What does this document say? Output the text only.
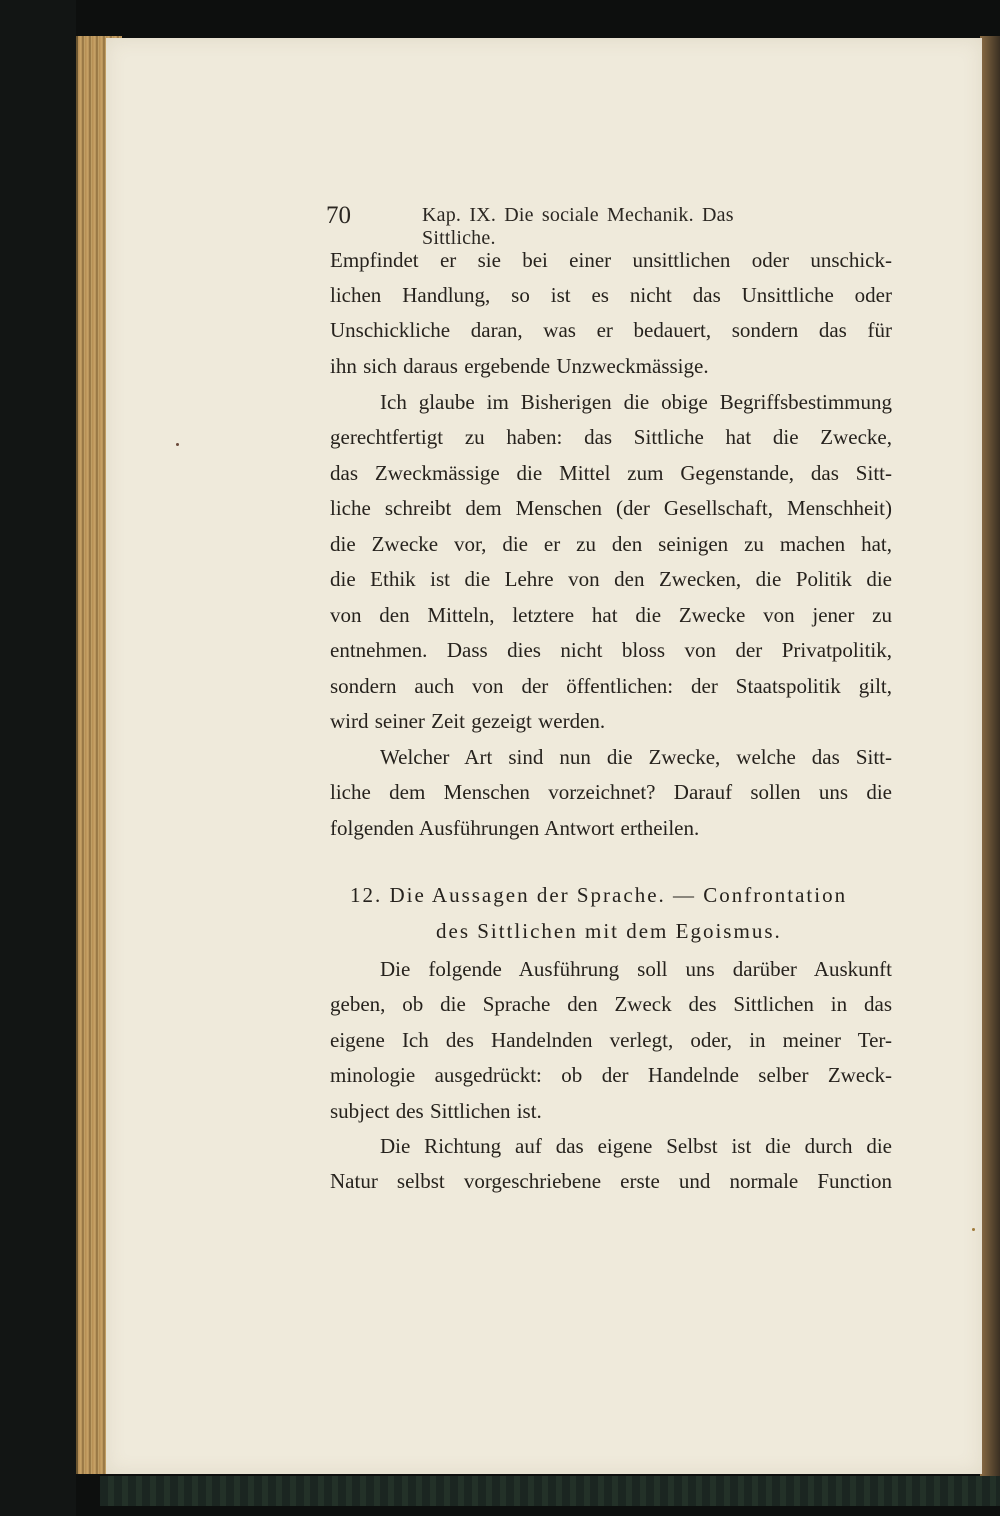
70	Kap. IX. Die sociale Mechanik. Das Sittliche.
Empfindet er sie bei einer unsittlichen oder unschick-
lichen Handlung, so ist es nicht das Unsittliche oder
Unschickliche daran, was er bedauert, sondern das für
ihn sich daraus ergebende Unzweckmässige.
Ich glaube im Bisherigen die obige Begriffsbestimmung
gerechtfertigt zu haben: das Sittliche hat die Zwecke,
das Zweckmässige die Mittel zum Gegenstande, das Sitt-
liche schreibt dem Menschen (der Gesellschaft, Menschheit)
die Zwecke vor, die er zu den seinigen zu machen hat,
die Ethik ist die Lehre von den Zwecken, die Politik die
von den Mitteln, letztere hat die Zwecke von jener zu
entnehmen. Dass dies nicht bloss von der Privatpolitik,
sondern auch von der öffentlichen: der Staatspolitik gilt,
wird seiner Zeit gezeigt werden.
Welcher Art sind nun die Zwecke, welche das Sitt-
liche dem Menschen vorzeichnet? Darauf sollen uns die
folgenden Ausführungen Antwort ertheilen.
12. Die Aussagen der Sprache. — Confrontation
des Sittlichen mit dem Egoismus.
Die folgende Ausführung soll uns darüber Auskunft
geben, ob die Sprache den Zweck des Sittlichen in das
eigene Ich des Handelnden verlegt, oder, in meiner Ter-
minologie ausgedrückt: ob der Handelnde selber Zweck-
subject des Sittlichen ist.
Die Richtung auf das eigene Selbst ist die durch die
Natur selbst vorgeschriebene erste und normale Function
